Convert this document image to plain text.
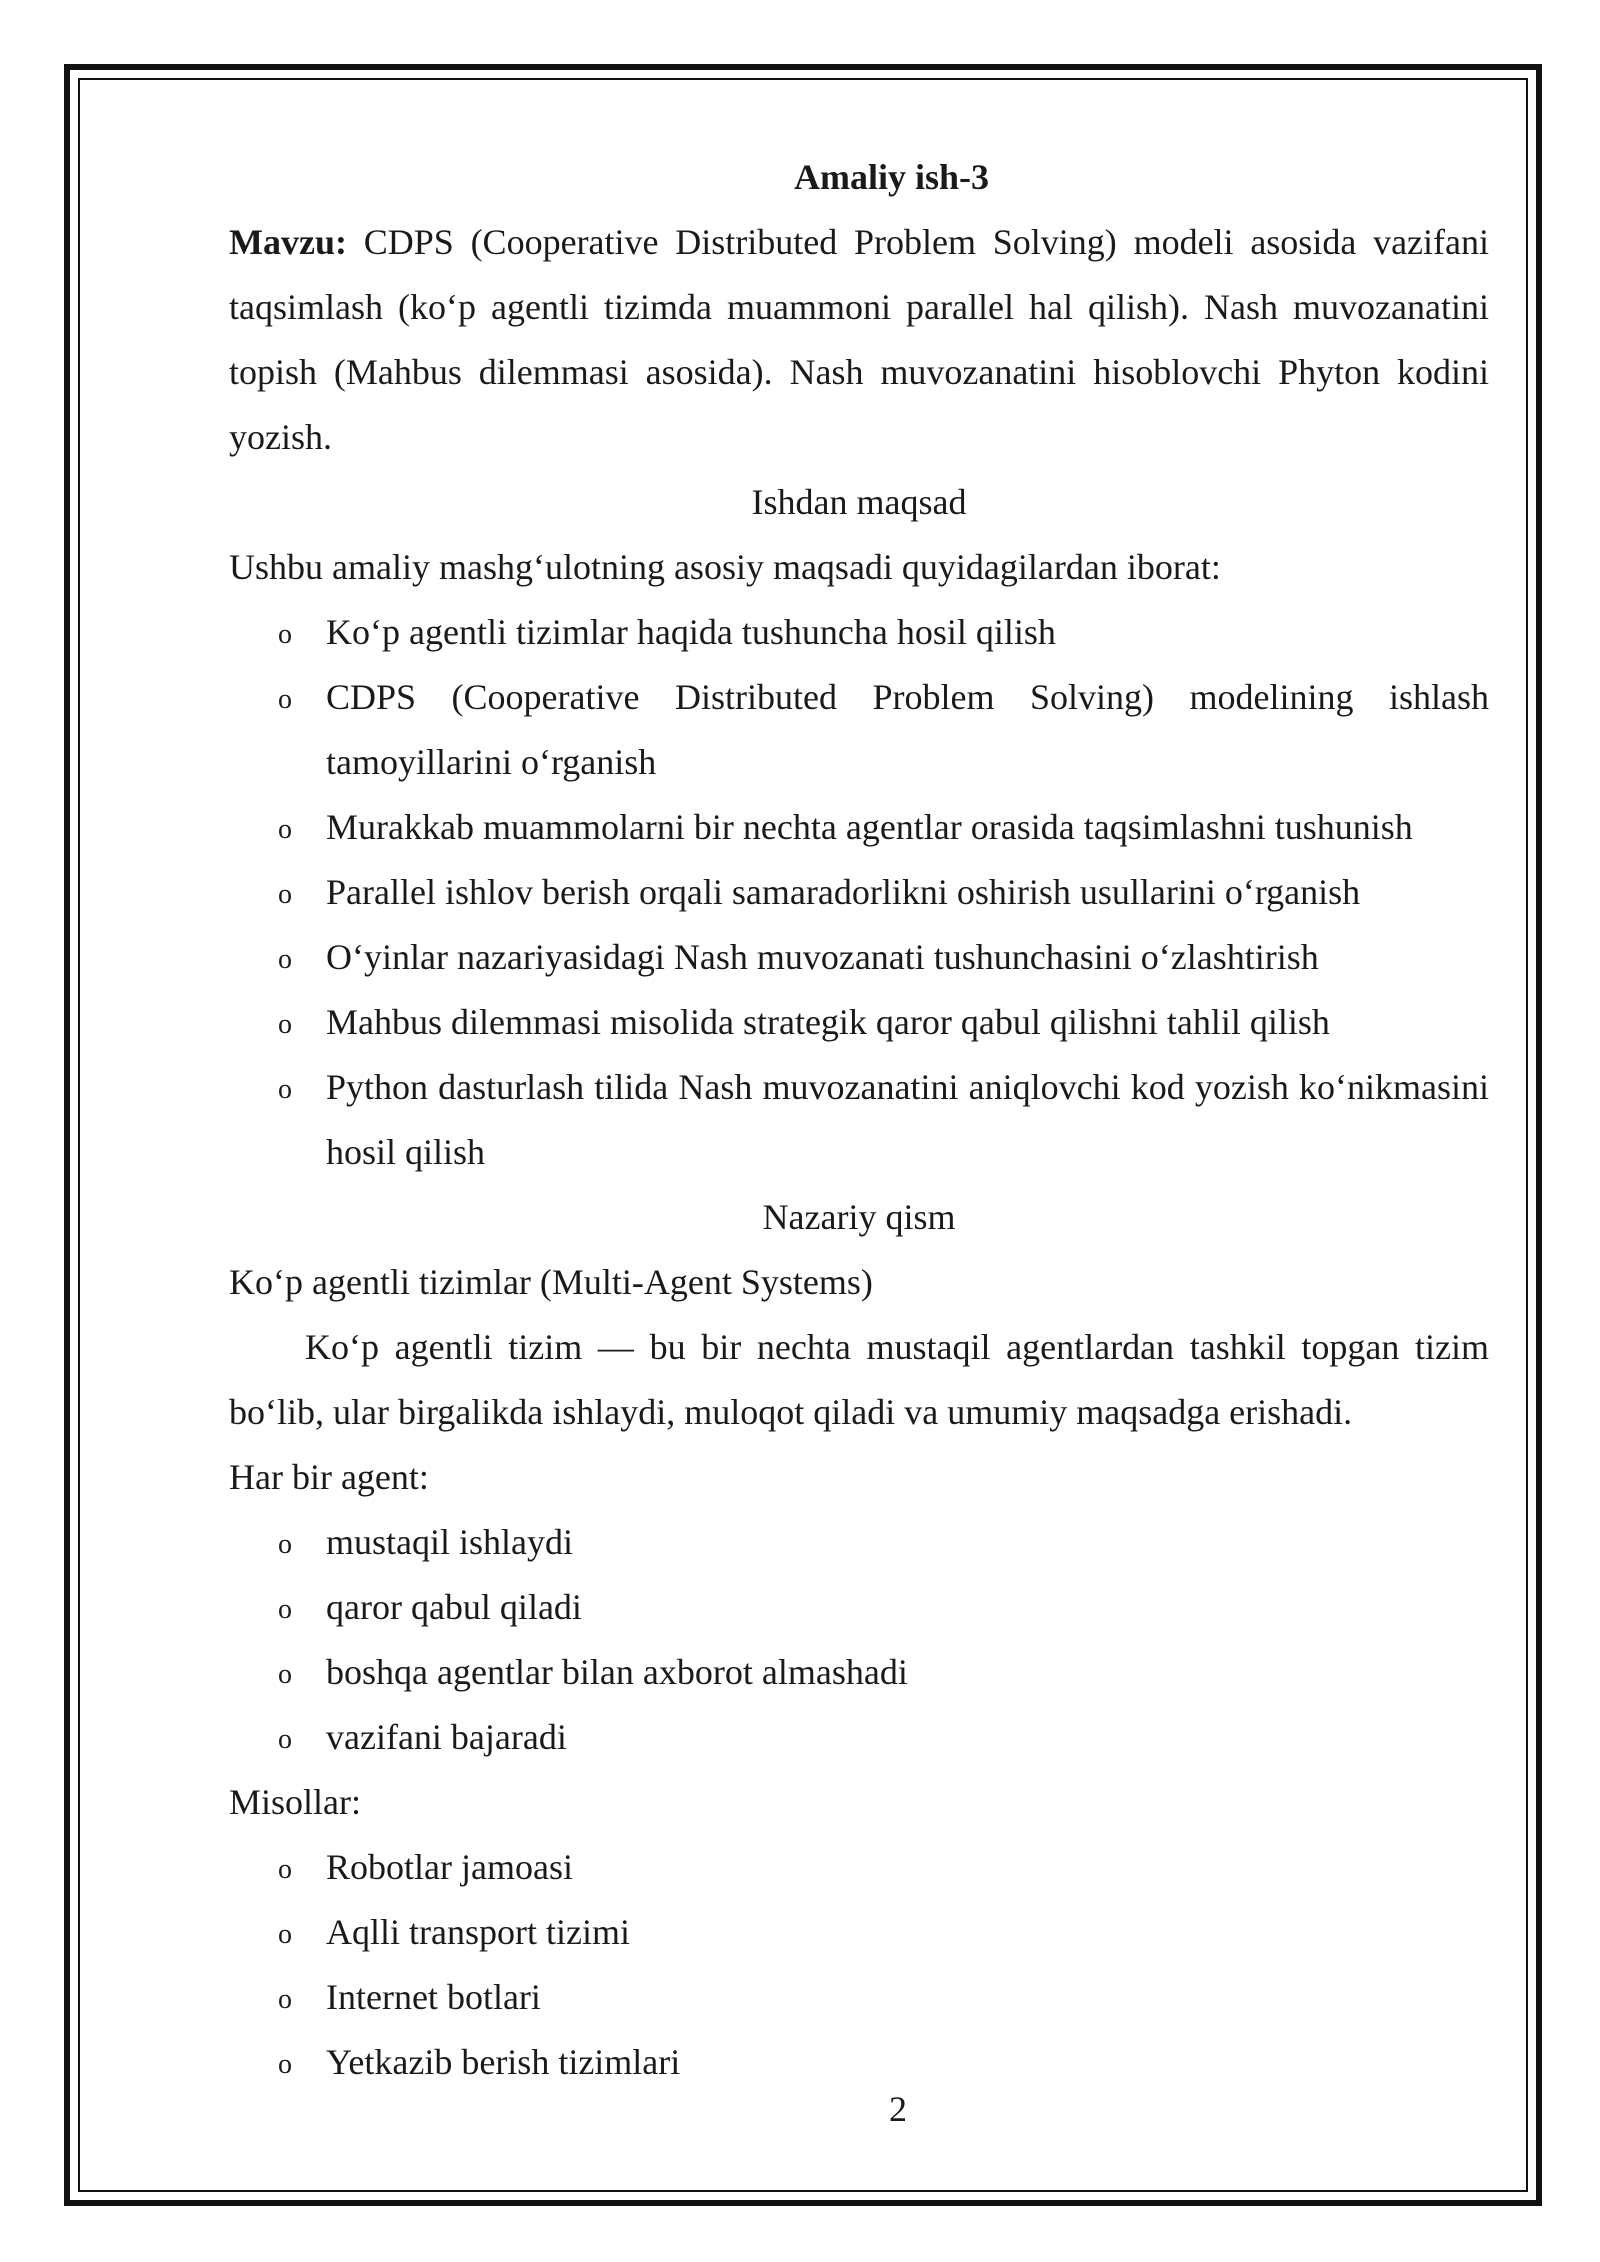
Amaliy ish-3

Mavzu: CDPS (Cooperative Distributed Problem Solving) modeli asosida vazifani taqsimlash (ko‘p agentli tizimda muammoni parallel hal qilish). Nash muvozanatini topish (Mahbus dilemmasi asosida). Nash muvozanatini hisoblovchi Phyton kodini yozish.

Ishdan maqsad

Ushbu amaliy mashg‘ulotning asosiy maqsadi quyidagilardan iborat:

o Ko‘p agentli tizimlar haqida tushuncha hosil qilish
o CDPS (Cooperative Distributed Problem Solving) modelining ishlash tamoyillarini o‘rganish
o Murakkab muammolarni bir nechta agentlar orasida taqsimlashni tushunish
o Parallel ishlov berish orqali samaradorlikni oshirish usullarini o‘rganish
o O‘yinlar nazariyasidagi Nash muvozanati tushunchasini o‘zlashtirish
o Mahbus dilemmasi misolida strategik qaror qabul qilishni tahlil qilish
o Python dasturlash tilida Nash muvozanatini aniqlovchi kod yozish ko‘nikmasini hosil qilish

Nazariy qism

Ko‘p agentli tizimlar (Multi-Agent Systems)

Ko‘p agentli tizim — bu bir nechta mustaqil agentlardan tashkil topgan tizim bo‘lib, ular birgalikda ishlaydi, muloqot qiladi va umumiy maqsadga erishadi.

Har bir agent:

o mustaqil ishlaydi
o qaror qabul qiladi
o boshqa agentlar bilan axborot almashadi
o vazifani bajaradi

Misollar:

o Robotlar jamoasi
o Aqlli transport tizimi
o Internet botlari
o Yetkazib berish tizimlari
2
